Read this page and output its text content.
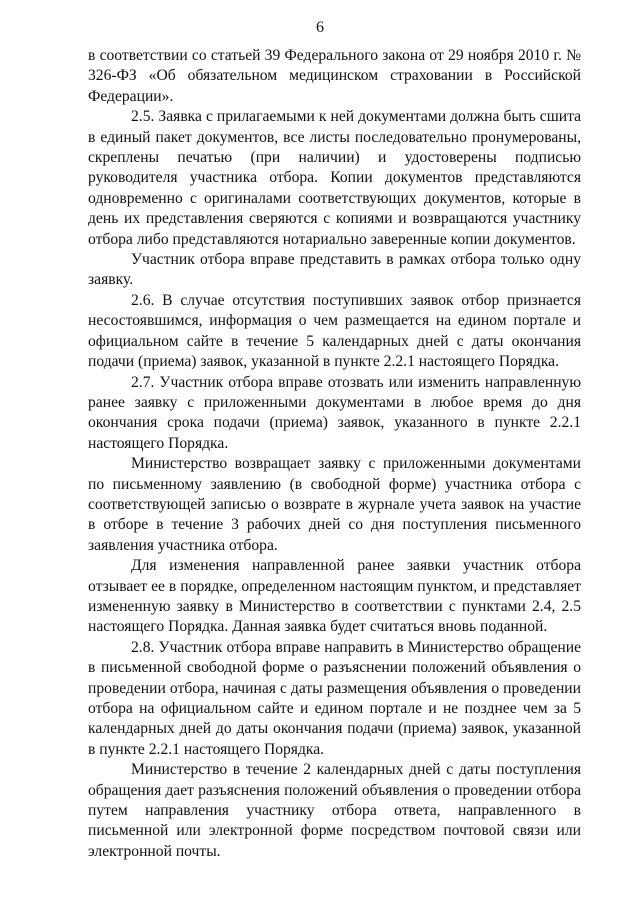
6

в соответствии со статьей 39 Федерального закона от 29 ноября 2010 г. № 326-ФЗ «Об обязательном медицинском страховании в Российской Федерации».

2.5. Заявка с прилагаемыми к ней документами должна быть сшита в единый пакет документов, все листы последовательно пронумерованы, скреплены печатью (при наличии) и удостоверены подписью руководителя участника отбора. Копии документов представляются одновременно с оригиналами соответствующих документов, которые в день их представления сверяются с копиями и возвращаются участнику отбора либо представляются нотариально заверенные копии документов.

Участник отбора вправе представить в рамках отбора только одну заявку.

2.6. В случае отсутствия поступивших заявок отбор признается несостоявшимся, информация о чем размещается на едином портале и официальном сайте в течение 5 календарных дней с даты окончания подачи (приема) заявок, указанной в пункте 2.2.1 настоящего Порядка.

2.7. Участник отбора вправе отозвать или изменить направленную ранее заявку с приложенными документами в любое время до дня окончания срока подачи (приема) заявок, указанного в пункте 2.2.1 настоящего Порядка.

Министерство возвращает заявку с приложенными документами по письменному заявлению (в свободной форме) участника отбора с соответствующей записью о возврате в журнале учета заявок на участие в отборе в течение 3 рабочих дней со дня поступления письменного заявления участника отбора.

Для изменения направленной ранее заявки участник отбора отзывает ее в порядке, определенном настоящим пунктом, и представляет измененную заявку в Министерство в соответствии с пунктами 2.4, 2.5 настоящего Порядка. Данная заявка будет считаться вновь поданной.

2.8. Участник отбора вправе направить в Министерство обращение в письменной свободной форме о разъяснении положений объявления о проведении отбора, начиная с даты размещения объявления о проведении отбора на официальном сайте и едином портале и не позднее чем за 5 календарных дней до даты окончания подачи (приема) заявок, указанной в пункте 2.2.1 настоящего Порядка.

Министерство в течение 2 календарных дней с даты поступления обращения дает разъяснения положений объявления о проведении отбора путем направления участнику отбора ответа, направленного в письменной или электронной форме посредством почтовой связи или электронной почты.
